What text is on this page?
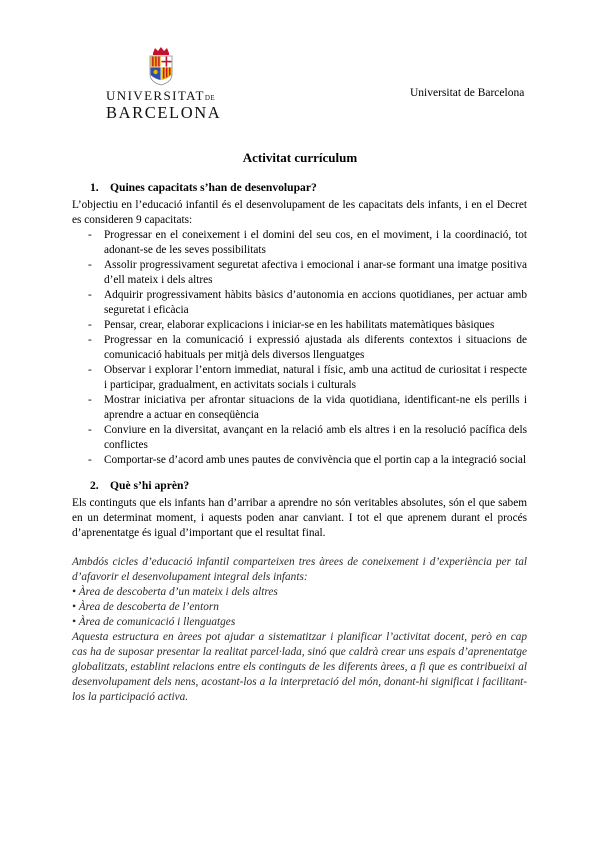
UNIVERSITATDE
BARCELONA
Universitat de Barcelona
Activitat currículum
1. Quines capacitats s’han de desenvolupar?

L’objectiu en l’educació infantil és el desenvolupament de les capacitats dels infants, i en el Decret es consideren 9 capacitats:

- Progressar en el coneixement i el domini del seu cos, en el moviment, i la coordinació, tot adonant-se de les seves possibilitats
- Assolir progressivament seguretat afectiva i emocional i anar-se formant una imatge positiva d’ell mateix i dels altres
- Adquirir progressivament hàbits bàsics d’autonomia en accions quotidianes, per actuar amb seguretat i eficàcia
- Pensar, crear, elaborar explicacions i iniciar-se en les habilitats matemàtiques bàsiques
- Progressar en la comunicació i expressió ajustada als diferents contextos i situacions de comunicació habituals per mitjà dels diversos llenguatges
- Observar i explorar l’entorn immediat, natural i físic, amb una actitud de curiositat i respecte i participar, gradualment, en activitats socials i culturals
- Mostrar iniciativa per afrontar situacions de la vida quotidiana, identificant-ne els perills i aprendre a actuar en conseqüència
- Conviure en la diversitat, avançant en la relació amb els altres i en la resolució pacífica dels conflictes
- Comportar-se d’acord amb unes pautes de convivència que el portin cap a la integració social
2. Què s’hi aprèn?

Els continguts que els infants han d’arribar a aprendre no són veritables absolutes, són el que sabem en un determinat moment, i aquests poden anar canviant. I tot el que aprenem durant el procés d’aprenentatge és igual d’important que el resultat final.

Ambdós cicles d’educació infantil comparteixen tres àrees de coneixement i d’experiència per tal d’afavorir el desenvolupament integral dels infants:
• Àrea de descoberta d’un mateix i dels altres
• Àrea de descoberta de l’entorn
• Àrea de comunicació i llenguatges
Aquesta estructura en àrees pot ajudar a sistematitzar i planificar l’activitat docent, però en cap cas ha de suposar presentar la realitat parcel·lada, sinó que caldrà crear uns espais d’aprenentatge globalitzats, establint relacions entre els continguts de les diferents àrees, a fi que es contribueixi al desenvolupament dels nens, acostant-los a la interpretació del món, donant-hi significat i facilitant-los la participació activa.
